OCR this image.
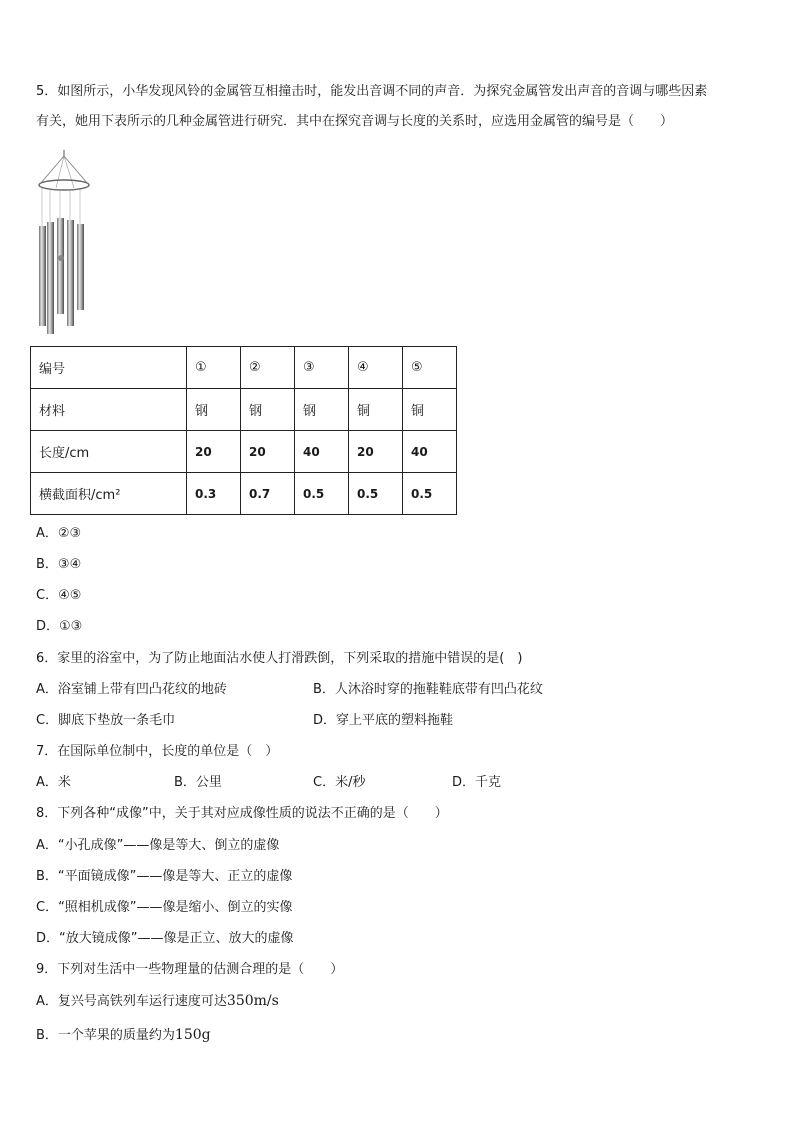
5．如图所示，小华发现风铃的金属管互相撞击时，能发出音调不同的声音．为探究金属管发出声音的音调与哪些因素
有关，她用下表所示的几种金属管进行研究．其中在探究音调与长度的关系时，应选用金属管的编号是（　　）
编号	①	②	③	④	⑤
材料	钢	钢	钢	铜	铜
长度/cm	20	20	40	20	40
横截面积/cm²	0.3	0.7	0.5	0.5	0.5
A．②③
B．③④
C．④⑤
D．①③
6．家里的浴室中，为了防止地面沾水使人打滑跌倒，下列采取的措施中错误的是(　)
A．浴室铺上带有凹凸花纹的地砖	B．人沐浴时穿的拖鞋鞋底带有凹凸花纹
C．脚底下垫放一条毛巾	D．穿上平底的塑料拖鞋
7．在国际单位制中，长度的单位是（　）
A．米	B．公里	C．米/秒	D．千克
8．下列各种“成像”中，关于其对应成像性质的说法不正确的是（　　）
A．“小孔成像”——像是等大、倒立的虚像
B．“平面镜成像”——像是等大、正立的虚像
C．“照相机成像”——像是缩小、倒立的实像
D．“放大镜成像”——像是正立、放大的虚像
9．下列对生活中一些物理量的估测合理的是（　　）
A．复兴号高铁列车运行速度可达350m/s
B．一个苹果的质量约为150g
